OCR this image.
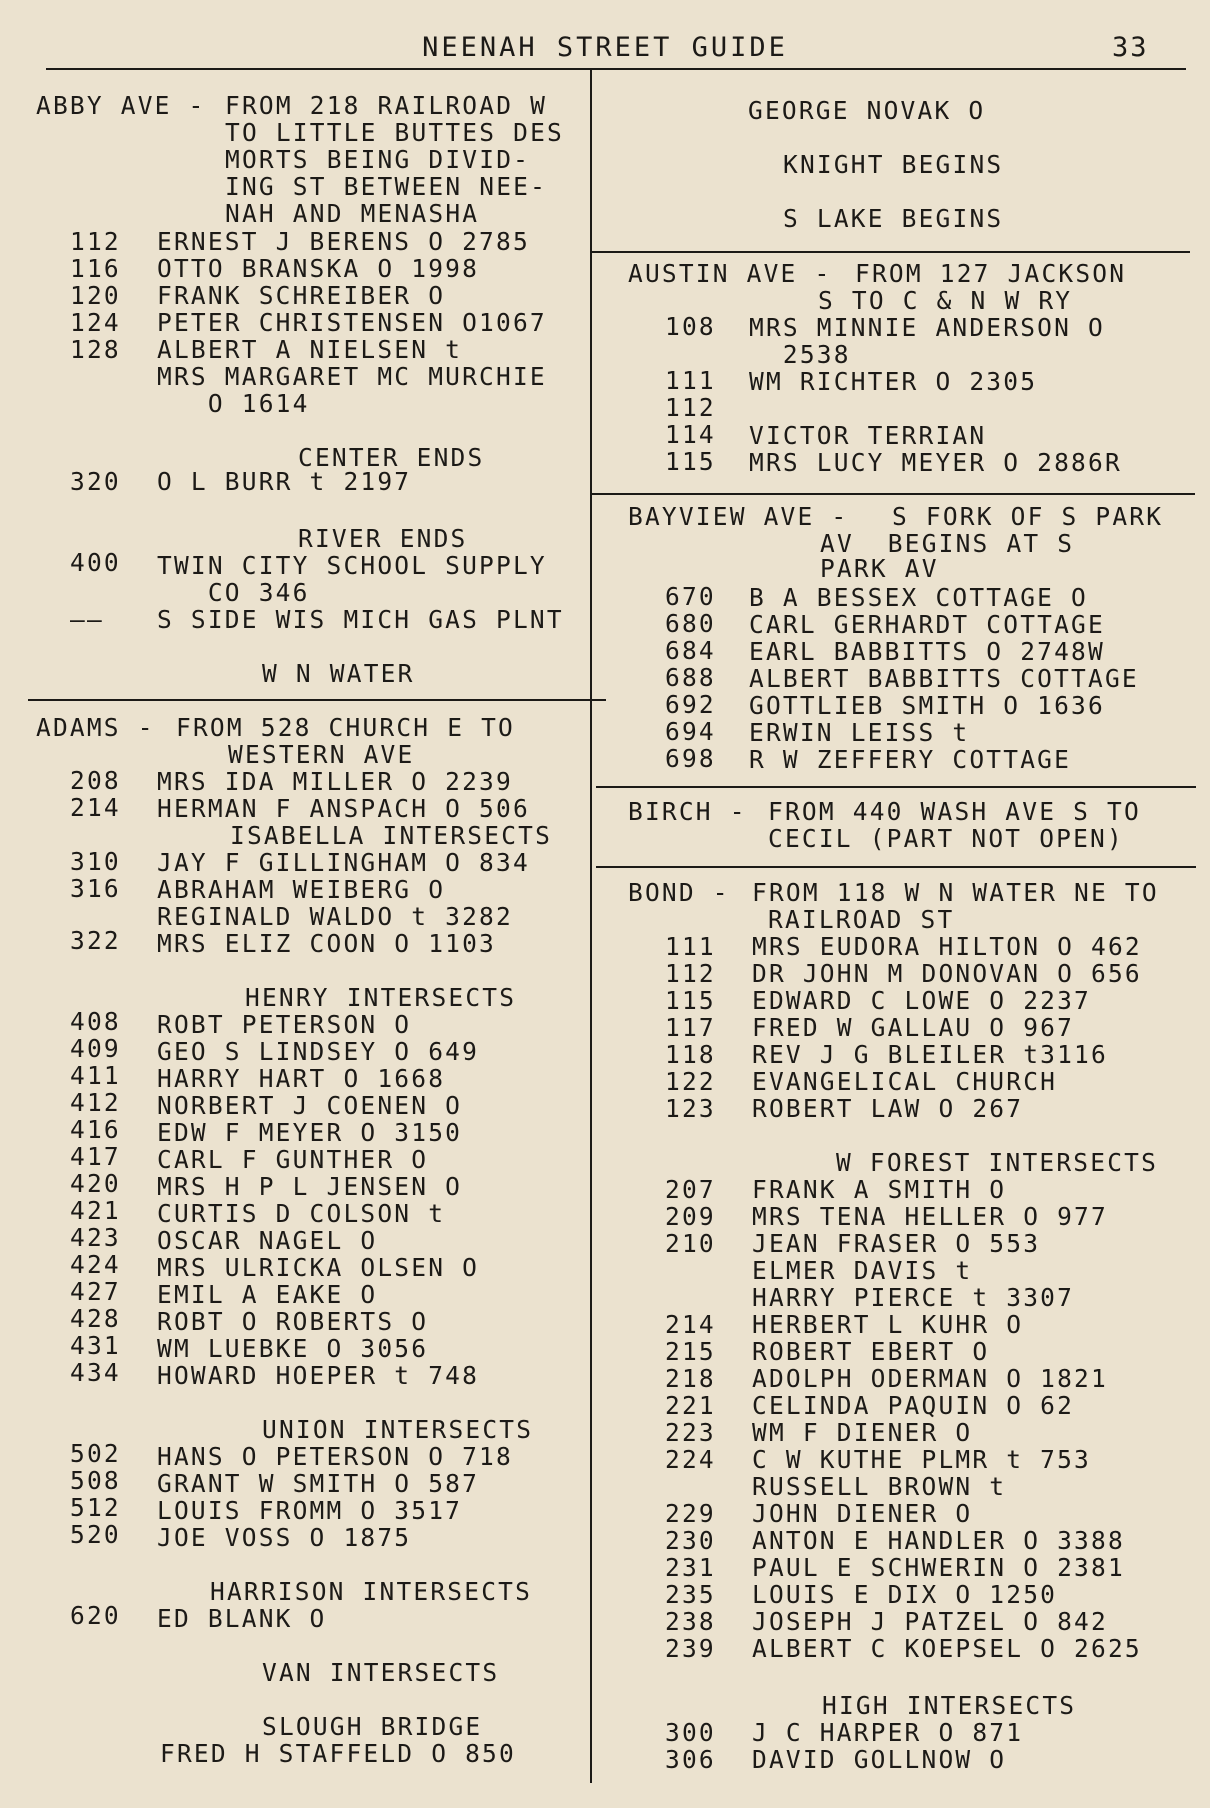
NEENAH STREET GUIDE	33
ABBY AVE - FROM 218 RAILROAD W
TO LITTLE BUTTES DES
MORTS BEING DIVID-
ING ST BETWEEN NEE-
NAH AND MENASHA
112 ERNEST J BERENS O 2785
116 OTTO BRANSKA O 1998
120 FRANK SCHREIBER O
124 PETER CHRISTENSEN O1067
128 ALBERT A NIELSEN t
MRS MARGARET MC MURCHIE
O 1614
CENTER ENDS
320 O L BURR t 2197
RIVER ENDS
400 TWIN CITY SCHOOL SUPPLY
CO 346
—— S SIDE WIS MICH GAS PLNT
W N WATER
ADAMS - FROM 528 CHURCH E TO
WESTERN AVE
208 MRS IDA MILLER O 2239
214 HERMAN F ANSPACH O 506
ISABELLA INTERSECTS
310 JAY F GILLINGHAM O 834
316 ABRAHAM WEIBERG O
REGINALD WALDO t 3282
322 MRS ELIZ COON O 1103
HENRY INTERSECTS
408 ROBT PETERSON O
409 GEO S LINDSEY O 649
411 HARRY HART O 1668
412 NORBERT J COENEN O
416 EDW F MEYER O 3150
417 CARL F GUNTHER O
420 MRS H P L JENSEN O
421 CURTIS D COLSON t
423 OSCAR NAGEL O
424 MRS ULRICKA OLSEN O
427 EMIL A EAKE O
428 ROBT O ROBERTS O
431 WM LUEBKE O 3056
434 HOWARD HOEPER t 748
UNION INTERSECTS
502 HANS O PETERSON O 718
508 GRANT W SMITH O 587
512 LOUIS FROMM O 3517
520 JOE VOSS O 1875
HARRISON INTERSECTS
620 ED BLANK O
VAN INTERSECTS
SLOUGH BRIDGE
FRED H STAFFELD O 850
GEORGE NOVAK O
KNIGHT BEGINS
S LAKE BEGINS
AUSTIN AVE - FROM 127 JACKSON
S TO C & N W RY
108 MRS MINNIE ANDERSON O
2538
111 WM RICHTER O 2305
112
114 VICTOR TERRIAN
115 MRS LUCY MEYER O 2886R
BAYVIEW AVE - S FORK OF S PARK
AV  BEGINS AT S
PARK AV
670 B A BESSEX COTTAGE O
680 CARL GERHARDT COTTAGE
684 EARL BABBITTS O 2748W
688 ALBERT BABBITTS COTTAGE
692 GOTTLIEB SMITH O 1636
694 ERWIN LEISS t
698 R W ZEFFERY COTTAGE
BIRCH - FROM 440 WASH AVE S TO
CECIL (PART NOT OPEN)
BOND - FROM 118 W N WATER NE TO
RAILROAD ST
111 MRS EUDORA HILTON O 462
112 DR JOHN M DONOVAN O 656
115 EDWARD C LOWE O 2237
117 FRED W GALLAU O 967
118 REV J G BLEILER t3116
122 EVANGELICAL CHURCH
123 ROBERT LAW O 267
W FOREST INTERSECTS
207 FRANK A SMITH O
209 MRS TENA HELLER O 977
210 JEAN FRASER O 553
ELMER DAVIS t
HARRY PIERCE t 3307
214 HERBERT L KUHR O
215 ROBERT EBERT O
218 ADOLPH ODERMAN O 1821
221 CELINDA PAQUIN O 62
223 WM F DIENER O
224 C W KUTHE PLMR t 753
RUSSELL BROWN t
229 JOHN DIENER O
230 ANTON E HANDLER O 3388
231 PAUL E SCHWERIN O 2381
235 LOUIS E DIX O 1250
238 JOSEPH J PATZEL O 842
239 ALBERT C KOEPSEL O 2625
HIGH INTERSECTS
300 J C HARPER O 871
306 DAVID GOLLNOW O
